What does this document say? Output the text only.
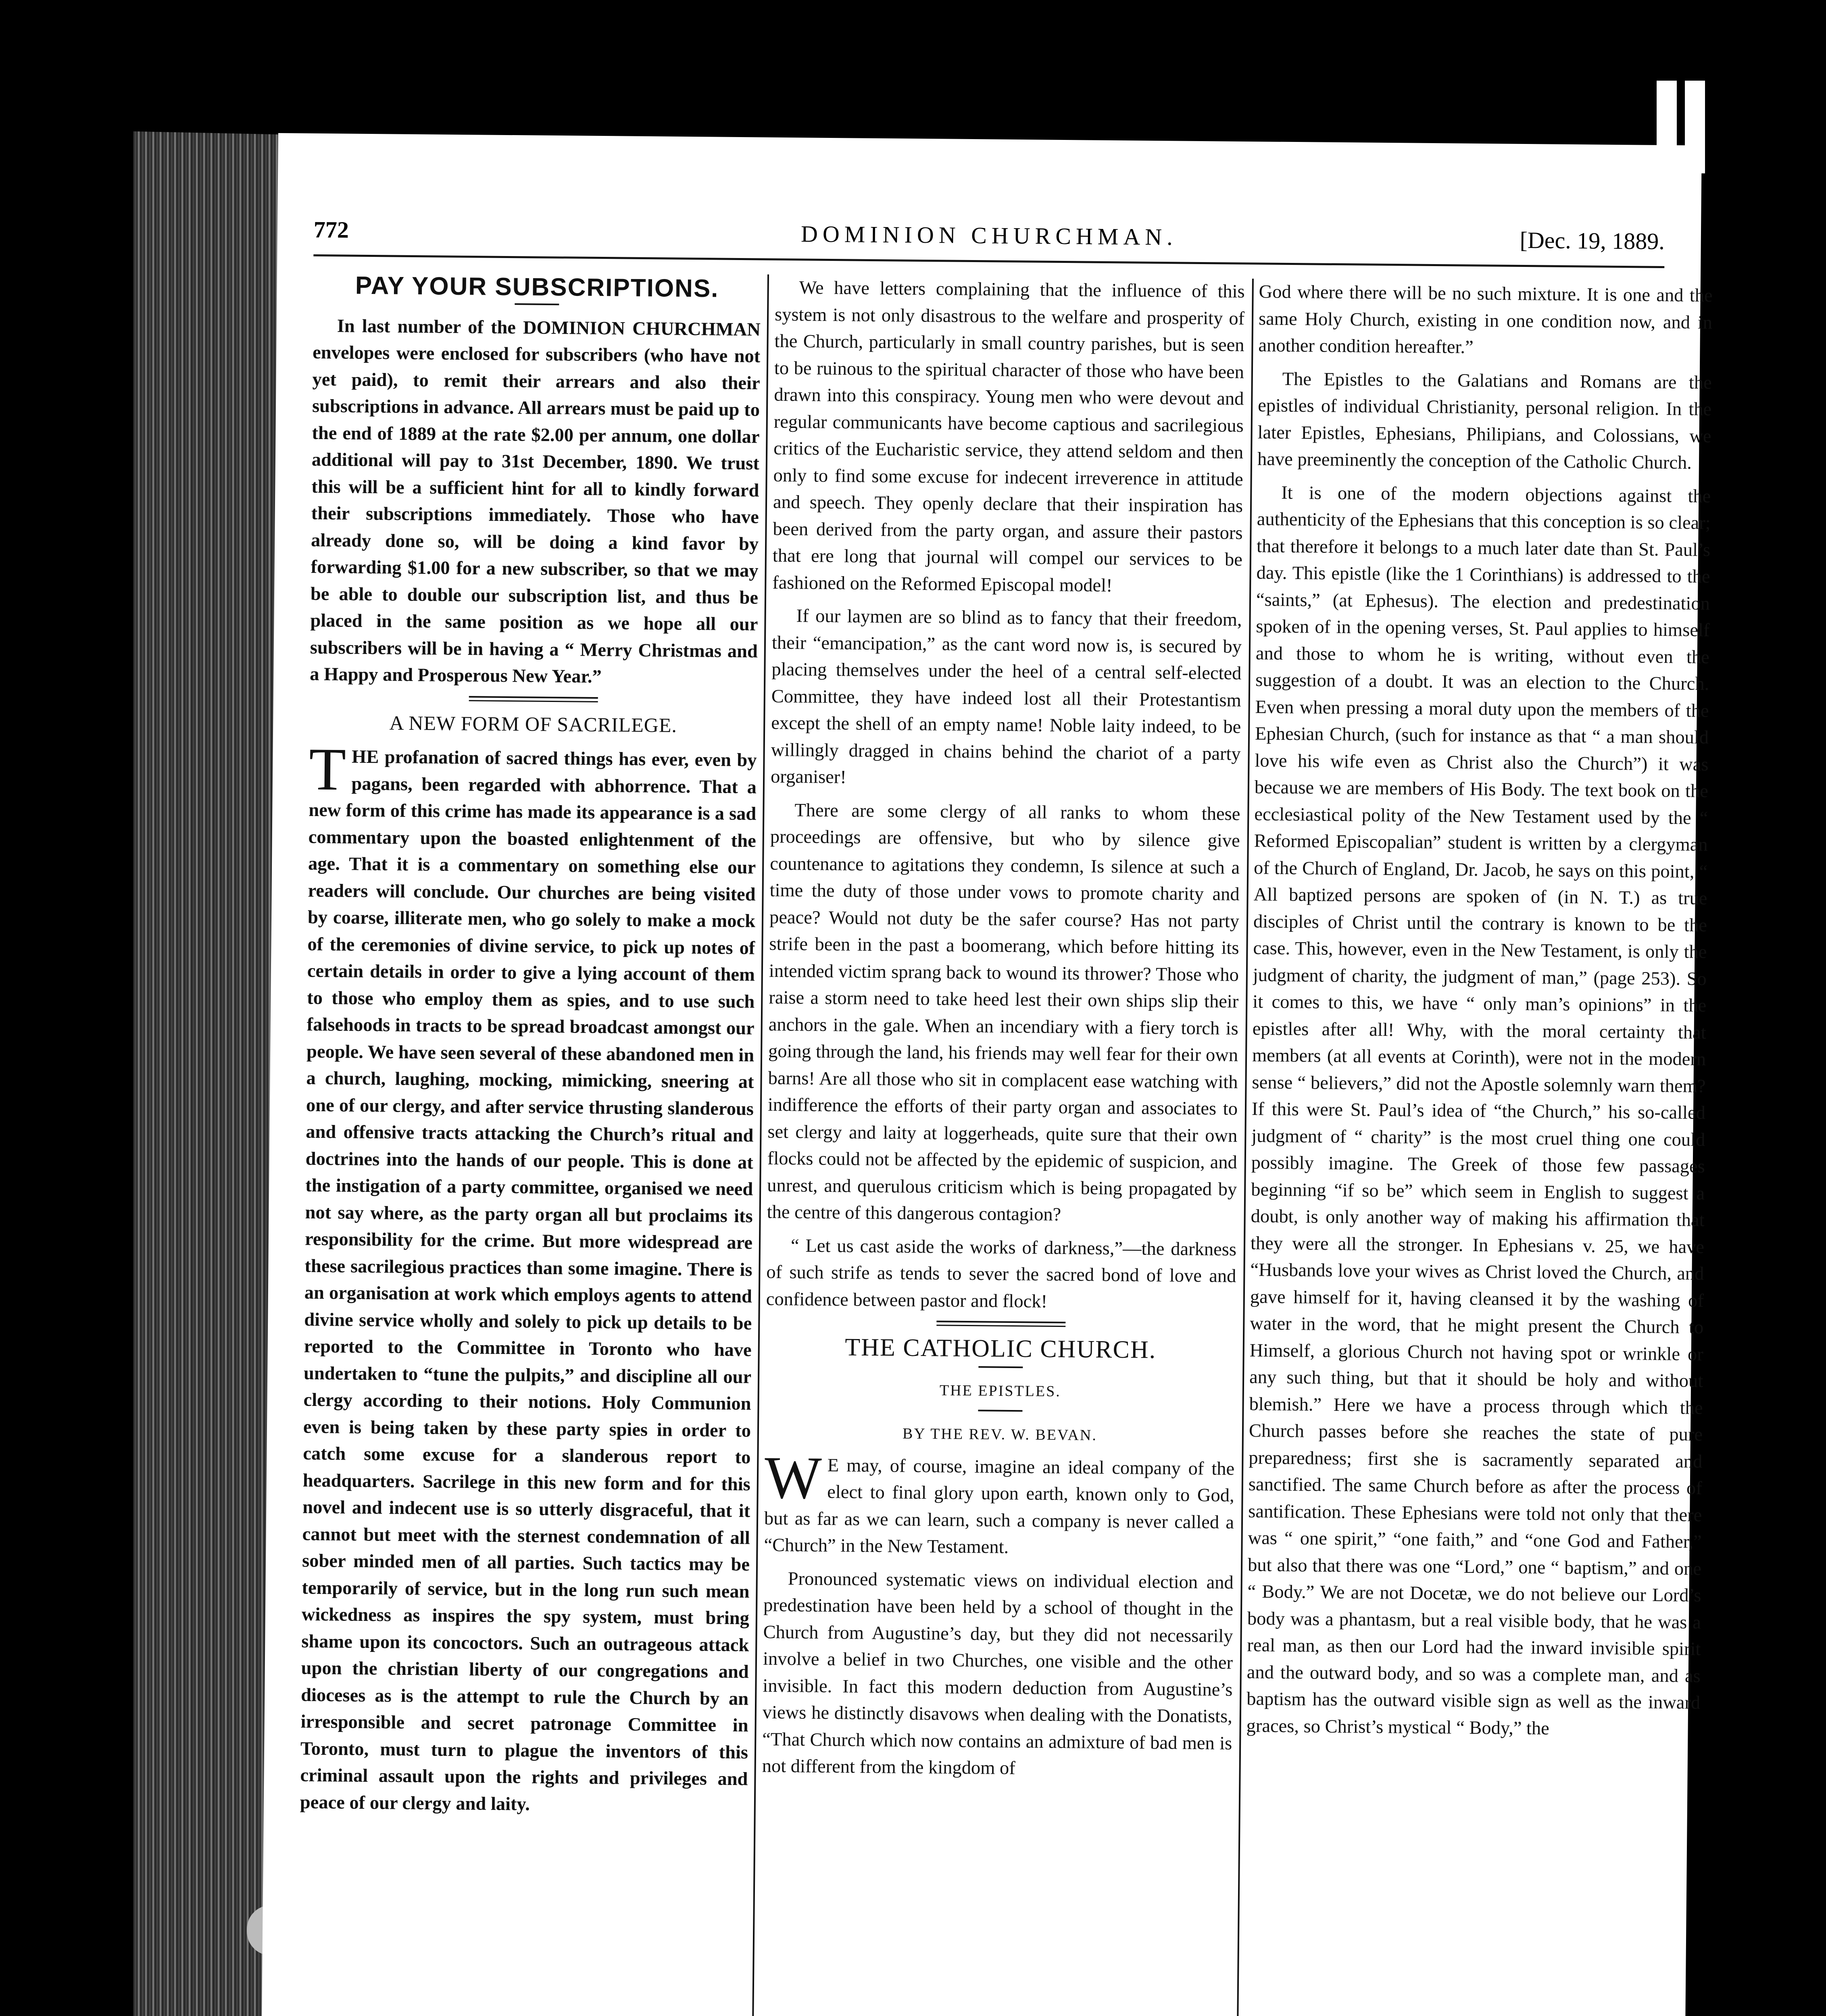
772	DOMINION CHURCHMAN.	[Dec. 19, 1889.
PAY YOUR SUBSCRIPTIONS.

In last number of the DOMINION CHURCHMAN envelopes were enclosed for subscribers (who have not yet paid), to remit their arrears and also their subscriptions in advance. All arrears must be paid up to the end of 1889 at the rate $2.00 per annum, one dollar additional will pay to 31st December, 1890. We trust this will be a sufficient hint for all to kindly forward their subscriptions immediately. Those who have already done so, will be doing a kind favor by forwarding $1.00 for a new subscriber, so that we may be able to double our subscription list, and thus be placed in the same position as we hope all our subscribers will be in having a “ Merry Christmas and a Happy and Prosperous New Year.”

A NEW FORM OF SACRILEGE.

THE profanation of sacred things has ever, even by pagans, been regarded with abhorrence. That a new form of this crime has made its appearance is a sad commentary upon the boasted enlightenment of the age. That it is a commentary on something else our readers will conclude. Our churches are being visited by coarse, illiterate men, who go solely to make a mock of the ceremonies of divine service, to pick up notes of certain details in order to give a lying account of them to those who employ them as spies, and to use such falsehoods in tracts to be spread broadcast amongst our people. We have seen several of these abandoned men in a church, laughing, mocking, mimicking, sneering at one of our clergy, and after service thrusting slanderous and offensive tracts attacking the Church’s ritual and doctrines into the hands of our people. This is done at the instigation of a party committee, organised we need not say where, as the party organ all but proclaims its responsibility for the crime. But more widespread are these sacrilegious practices than some imagine. There is an organisation at work which employs agents to attend divine service wholly and solely to pick up details to be reported to the Committee in Toronto who have undertaken to “tune the pulpits,” and discipline all our clergy according to their notions. Holy Communion even is being taken by these party spies in order to catch some excuse for a slanderous report to headquarters. Sacrilege in this new form and for this novel and indecent use is so utterly disgraceful, that it cannot but meet with the sternest condemnation of all sober minded men of all parties. Such tactics may be temporarily of service, but in the long run such mean wickedness as inspires the spy system, must bring shame upon its concoctors. Such an outrageous attack upon the christian liberty of our congregations and dioceses as is the attempt to rule the Church by an irresponsible and secret patronage Committee in Toronto, must turn to plague the inventors of this criminal assault upon the rights and privileges and peace of our clergy and laity.

We have letters complaining that the influence of this system is not only disastrous to the welfare and prosperity of the Church, particularly in small country parishes, but is seen to be ruinous to the spiritual character of those who have been drawn into this conspiracy. Young men who were devout and regular communicants have become captious and sacrilegious critics of the Eucharistic service, they attend seldom and then only to find some excuse for indecent irreverence in attitude and speech. They openly declare that their inspiration has been derived from the party organ, and assure their pastors that ere long that journal will compel our services to be fashioned on the Reformed Episcopal model!

If our laymen are so blind as to fancy that their freedom, their “emancipation,” as the cant word now is, is secured by placing themselves under the heel of a central self-elected Committee, they have indeed lost all their Protestantism except the shell of an empty name! Noble laity indeed, to be willingly dragged in chains behind the chariot of a party organiser!

There are some clergy of all ranks to whom these proceedings are offensive, but who by silence give countenance to agitations they condemn, Is silence at such a time the duty of those under vows to promote charity and peace? Would not duty be the safer course? Has not party strife been in the past a boomerang, which before hitting its intended victim sprang back to wound its thrower? Those who raise a storm need to take heed lest their own ships slip their anchors in the gale. When an incendiary with a fiery torch is going through the land, his friends may well fear for their own barns! Are all those who sit in complacent ease watching with indifference the efforts of their party organ and associates to set clergy and laity at loggerheads, quite sure that their own flocks could not be affected by the epidemic of suspicion, and unrest, and querulous criticism which is being propagated by the centre of this dangerous contagion?

“ Let us cast aside the works of darkness,”—the darkness of such strife as tends to sever the sacred bond of love and confidence between pastor and flock!

THE CATHOLIC CHURCH.
THE EPISTLES.
BY THE REV. W. BEVAN.

W E may, of course, imagine an ideal company of the elect to final glory upon earth, known only to God, but as far as we can learn, such a company is never called a “Church” in the New Testament.

Pronounced systematic views on individual election and predestination have been held by a school of thought in the Church from Augustine’s day, but they did not necessarily involve a belief in two Churches, one visible and the other invisible. In fact this modern deduction from Augustine’s views he distinctly disavows when dealing with the Donatists, “That Church which now contains an admixture of bad men is not different from the kingdom of

God where there will be no such mixture. It is one and the same Holy Church, existing in one condition now, and in another condition hereafter.”

The Epistles to the Galatians and Romans are the epistles of individual Christianity, personal religion. In the later Epistles, Ephesians, Philipians, and Colossians, we have preeminently the conception of the Catholic Church.

It is one of the modern objections against the authenticity of the Ephesians that this conception is so clear; that therefore it belongs to a much later date than St. Paul’s day. This epistle (like the 1 Corinthians) is addressed to the “saints,” (at Ephesus). The election and predestination spoken of in the opening verses, St. Paul applies to himself and those to whom he is writing, without even the suggestion of a doubt. It was an election to the Church. Even when pressing a moral duty upon the members of the Ephesian Church, (such for instance as that “ a man should love his wife even as Christ also the Church”) it was because we are members of His Body. The text book on the ecclesiastical polity of the New Testament used by the “ Reformed Episcopalian” student is written by a clergyman of the Church of England, Dr. Jacob, he says on this point, “ All baptized persons are spoken of (in N. T.) as true disciples of Christ until the contrary is known to be the case. This, however, even in the New Testament, is only the judgment of charity, the judgment of man,” (page 253). So it comes to this, we have “ only man’s opinions” in the epistles after all! Why, with the moral certainty that members (at all events at Corinth), were not in the modern sense “ believers,” did not the Apostle solemnly warn them? If this were St. Paul’s idea of “the Church,” his so-called judgment of “ charity” is the most cruel thing one could possibly imagine. The Greek of those few passages beginning “if so be” which seem in English to suggest a doubt, is only another way of making his affirmation that they were all the stronger. In Ephesians v. 25, we have “Husbands love your wives as Christ loved the Church, and gave himself for it, having cleansed it by the washing of water in the word, that he might present the Church to Himself, a glorious Church not having spot or wrinkle or any such thing, but that it should be holy and without blemish.” Here we have a process through which the Church passes before she reaches the state of pure preparedness; first she is sacramently separated and sanctified. The same Church before as after the process of santification. These Ephesians were told not only that there was “ one spirit,” “one faith,” and “one God and Father,” but also that there was one “Lord,” one “ baptism,” and one “ Body.” We are not Docetæ, we do not believe our Lord’s body was a phantasm, but a real visible body, that he was a real man, as then our Lord had the inward invisible spirit and the outward body, and so was a complete man, and as baptism has the outward visible sign as well as the inward graces, so Christ’s mystical “ Body,” the
